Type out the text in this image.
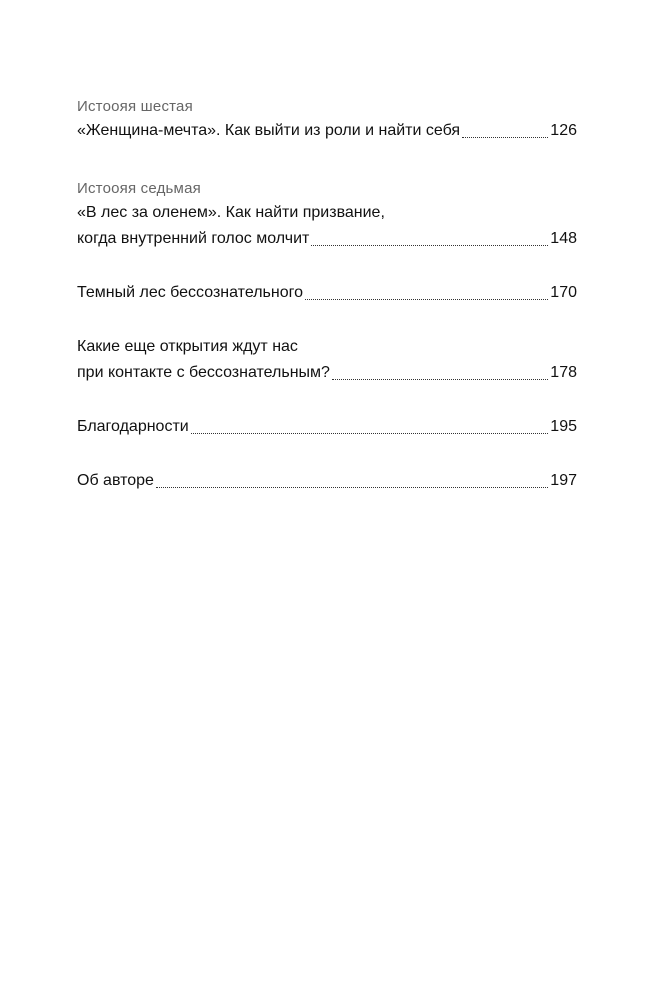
Истоояя шестая
«Женщина-мечта». Как выйти из роли и найти себя	126
Истоояя седьмая
«В лес за оленем». Как найти призвание,
когда внутренний голос молчит	148
Темный лес бессознательного	170
Какие еще открытия ждут нас
при контакте с бессознательным?	178
Благодарности	195
Об авторе	197
